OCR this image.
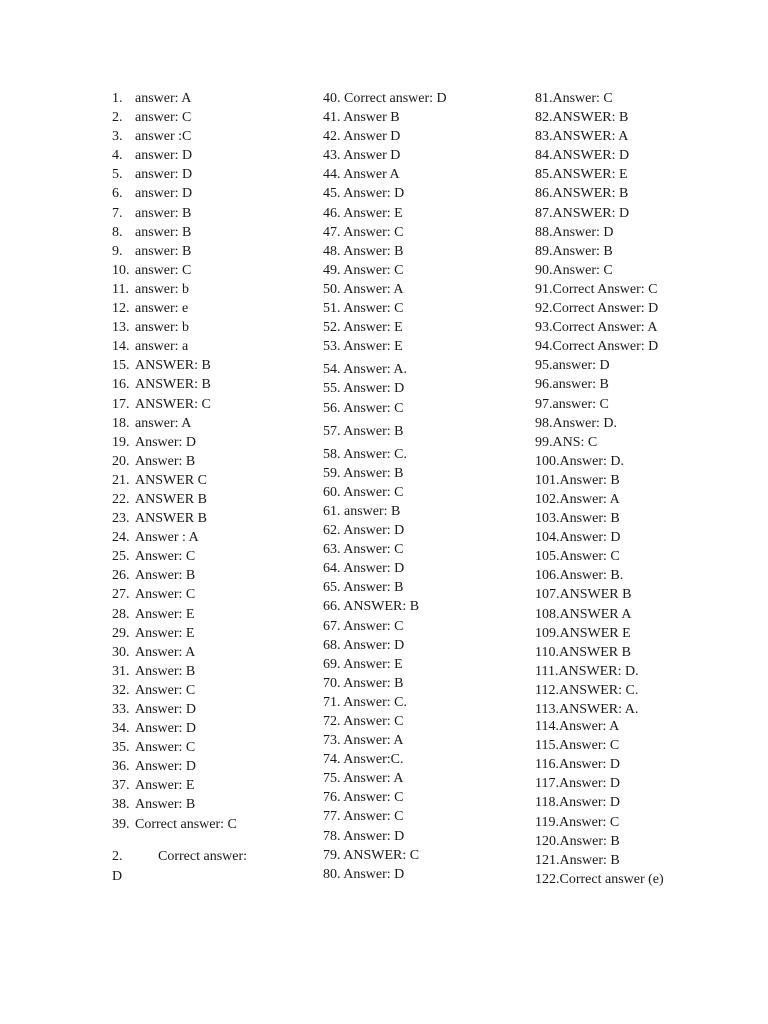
1. answer: A
2. answer: C
3. answer :C
4. answer: D
5. answer: D
6. answer: D
7. answer: B
8. answer: B
9. answer: B
10. answer: C
11. answer: b
12. answer: e
13. answer: b
14. answer: a
15. ANSWER: B
16. ANSWER: B
17. ANSWER: C
18. answer: A
19. Answer: D
20. Answer: B
21. ANSWER C
22. ANSWER B
23. ANSWER B
24. Answer : A
25. Answer: C
26. Answer: B
27. Answer: C
28. Answer: E
29. Answer: E
30. Answer: A
31. Answer: B
32. Answer: C
33. Answer: D
34. Answer: D
35. Answer: C
36. Answer: D
37. Answer: E
38. Answer: B
39. Correct answer: C
40. Correct answer: D
41. Answer B
42. Answer D
43. Answer D
44. Answer A
45. Answer: D
46. Answer: E
47. Answer: C
48. Answer: B
49. Answer: C
50. Answer: A
51. Answer: C
52. Answer: E
53. Answer: E
54. Answer: A.
55. Answer: D
56. Answer: C
57. Answer: B
58. Answer: C.
59. Answer: B
60. Answer: C
61. answer: B
62. Answer: D
63. Answer: C
64. Answer: D
65. Answer: B
66. ANSWER: B
67. Answer: C
68. Answer: D
69. Answer: E
70. Answer: B
71. Answer: C.
72. Answer: C
73. Answer: A
74. Answer:C.
75. Answer: A
76. Answer: C
77. Answer: C
78. Answer: D
79. ANSWER: C
80. Answer: D
81.Answer: C
82.ANSWER: B
83.ANSWER: A
84.ANSWER: D
85.ANSWER: E
86.ANSWER: B
87.ANSWER: D
88.Answer: D
89.Answer: B
90.Answer: C
91.Correct Answer: C
92.Correct Answer: D
93.Correct Answer: A
94.Correct Answer: D
95.answer: D
96.answer: B
97.answer: C
98.Answer: D.
99.ANS: C
100.Answer: D.
101.Answer: B
102.Answer: A
103.Answer: B
104.Answer: D
105.Answer: C
106.Answer: B.
107.ANSWER B
108.ANSWER A
109.ANSWER E
110.ANSWER B
111.ANSWER: D.
112.ANSWER: C.
113.ANSWER: A.
114.Answer: A
115.Answer: C
116.Answer: D
117.Answer: D
118.Answer: D
119.Answer: C
120.Answer: B
121.Answer: B
122.Correct answer (e)
2.	Correct answer:
D
